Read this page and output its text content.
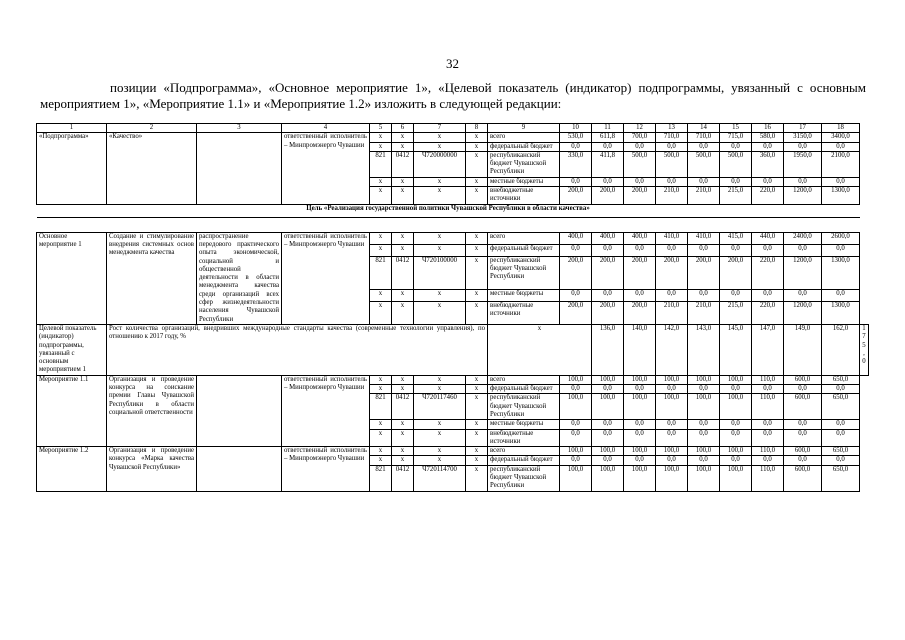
32
позиции «Подпрограмма», «Основное мероприятие 1», «Целевой показатель (индикатор) подпрограммы, увязанный с основным мероприятием 1», «Мероприятие 1.1» и «Мероприятие 1.2» изложить в следующей редакции:
1	2	3	4	5	6	7	8	9	10	11	12	13	14	15	16	17	18	
«Подпрограмма»	«Качество»		ответственный исполнитель – Минпромэнерго Чувашии	x	x	x	x	всего	530,0	611,8	700,0	710,0	710,0	715,0	580,0	3150,0	3400,0	
				x	x	x	x	федеральный бюджет	0,0	0,0	0,0	0,0	0,0	0,0	0,0	0,0	0,0	
				821	0412	Ч720000000	x	республиканский бюджет Чувашской Республики	330,0	411,8	500,0	500,0	500,0	500,0	360,0	1950,0	2100,0	
				x	x	x	x	местные бюджеты	0,0	0,0	0,0	0,0	0,0	0,0	0,0	0,0	0,0	
				x	x	x	x	внебюджетные источники	200,0	200,0	200,0	210,0	210,0	215,0	220,0	1200,0	1300,0	
Цель «Реализация государственной политики Чувашской Республики в области качества»																		

Основное мероприятие 1	Создание и стимулирование внедрения системных основ менеджмента качества	распространение передового практического опыта экономической, социальной и общественной деятельности в области менеджмента качества среди организаций всех сфер жизнедеятельности населения Чувашской Республики	ответственный исполнитель – Минпромэнерго Чувашии	x	x	x	x	всего	400,0	400,0	400,0	410,0	410,0	415,0	440,0	2400,0	2600,0	
				x	x	x	x	федеральный бюджет	0,0	0,0	0,0	0,0	0,0	0,0	0,0	0,0	0,0	
				821	0412	Ч720100000	x	республиканский бюджет Чувашской Республики	200,0	200,0	200,0	200,0	200,0	200,0	220,0	1200,0	1300,0	
				x	x	x	x	местные бюджеты	0,0	0,0	0,0	0,0	0,0	0,0	0,0	0,0	0,0	
				x	x	x	x	внебюджетные источники	200,0	200,0	200,0	210,0	210,0	215,0	220,0	1200,0	1300,0	
Целевой показатель (индикатор) подпрограммы, увязанный с основным мероприятием 1	Рост количества организаций, внедривших международные стандарты качества (современные технологии управления), по отношению к 2017 году, %							x		136,0	140,0	142,0	143,0	145,0	147,0	149,0	162,0	175,0
Мероприятие 1.1	Организация и проведение конкурса на соискание премии Главы Чувашской Республики в области социальной ответственности		ответственный исполнитель – Минпромэнерго Чувашии	x	x	x	x	всего	100,0	100,0	100,0	100,0	100,0	100,0	110,0	600,0	650,0	
				x	x	x	x	федеральный бюджет	0,0	0,0	0,0	0,0	0,0	0,0	0,0	0,0	0,0	
				821	0412	Ч720117460	x	республиканский бюджет Чувашской Республики	100,0	100,0	100,0	100,0	100,0	100,0	110,0	600,0	650,0	
				x	x	x	x	местные бюджеты	0,0	0,0	0,0	0,0	0,0	0,0	0,0	0,0	0,0	
				x	x	x	x	внебюджетные источники	0,0	0,0	0,0	0,0	0,0	0,0	0,0	0,0	0,0	
Мероприятие 1.2	Организация и проведение конкурса «Марка качества Чувашской Республики»		ответственный исполнитель – Минпромэнерго Чувашии	x	x	x	x	всего	100,0	100,0	100,0	100,0	100,0	100,0	110,0	600,0	650,0	
				x	x	x	x	федеральный бюджет	0,0	0,0	0,0	0,0	0,0	0,0	0,0	0,0	0,0	
				821	0412	Ч720114700	x	республиканский бюджет Чувашской Республики	100,0	100,0	100,0	100,0	100,0	100,0	110,0	600,0	650,0	
